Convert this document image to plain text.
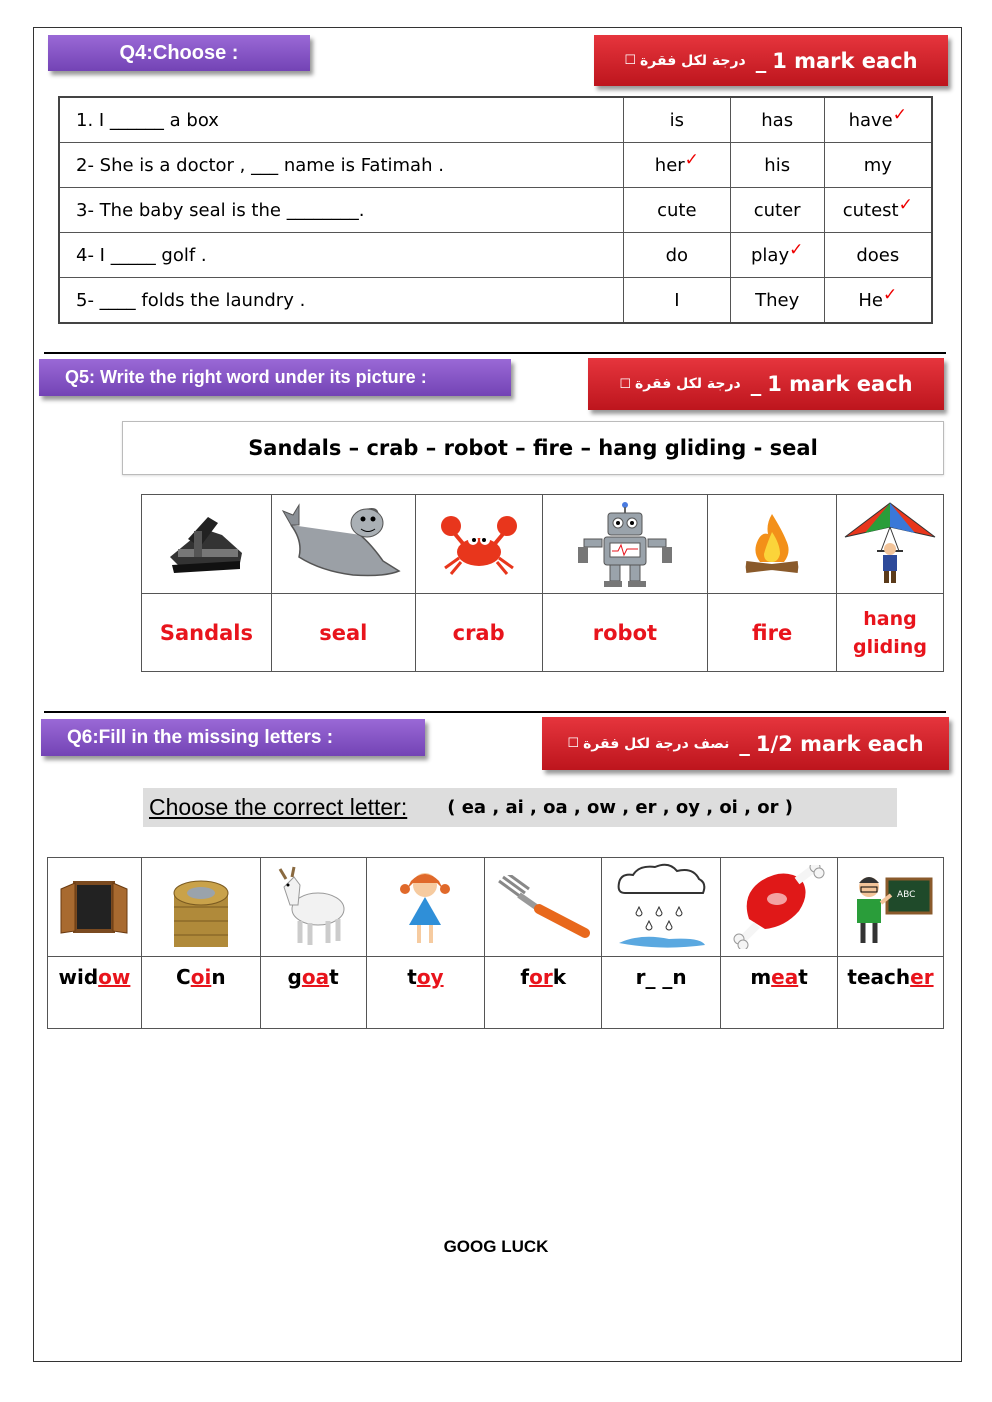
Q4:Choose :	☐ درجة لكل فقرة _ 1 mark each
1. I ______ a box	is	has	have✓
2- She is a doctor , ___ name is Fatimah .	her✓	his	my
3- The baby seal is the ________.	cute	cuter	cutest✓
4- I _____ golf .	do	play✓	does
5- ____ folds the laundry .	I	They	He✓
Q5: Write the right word under its picture :	☐ درجة لكل فقرة _ 1 mark each
Sandals – crab – robot – fire – hang gliding - seal

Sandals	seal	crab	robot	fire	hang gliding
Q6:Fill in the missing letters :	☐ نصف درجة لكل فقرة _ 1/2 mark each
Choose the correct letter: ( ea , ai , oa , ow , er , oy , oi , or )

ABC

widow	Coin	goat	toy	fork	r_ _n	meat	teacher
GOOG LUCK
